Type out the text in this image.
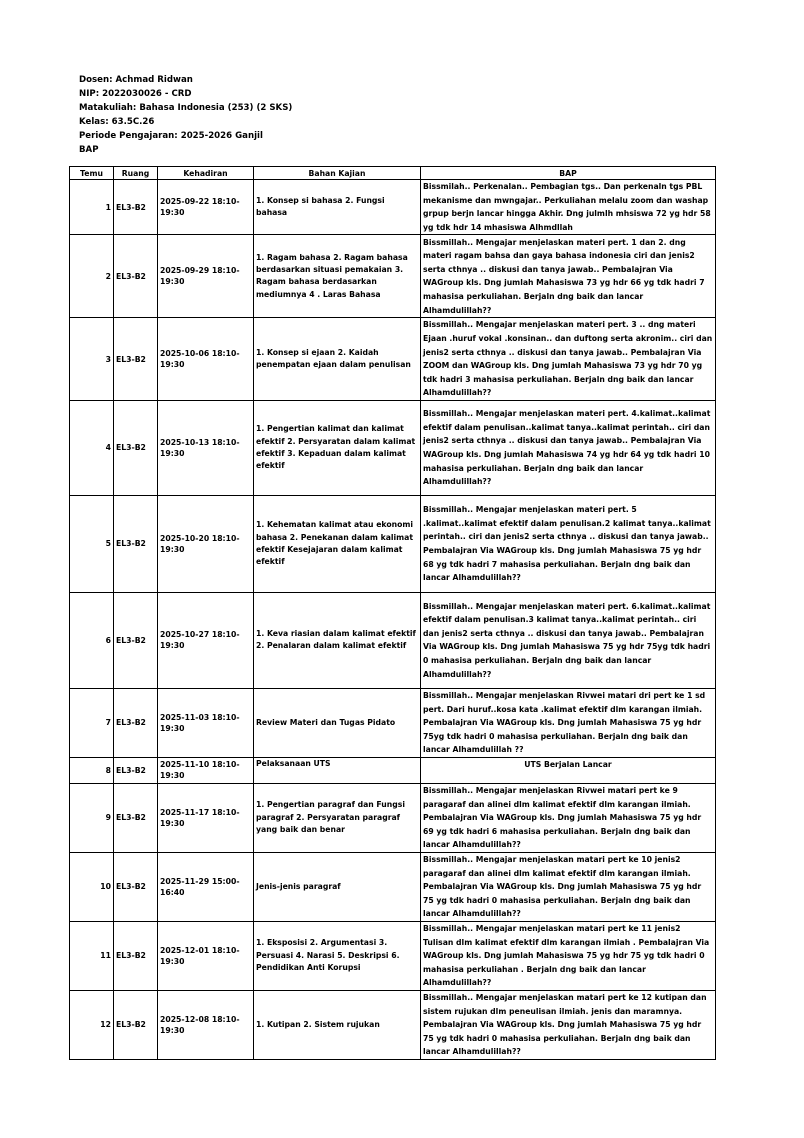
Dosen: Achmad Ridwan
NIP: 2022030026 - CRD
Matakuliah: Bahasa Indonesia (253) (2 SKS)
Kelas: 63.5C.26
Periode Pengajaran: 2025-2026 Ganjil
BAP
Temu	Ruang	Kehadiran	Bahan Kajian	BAP
1	EL3-B2	2025-09-22 18:10-19:30	1. Konsep si bahasa 2. Fungsi bahasa	Bissmilah.. Perkenalan.. Pembagian tgs.. Dan perkenaln tgs PBL mekanisme dan mwngajar.. Perkuliahan melalu zoom dan washap grpup berjn lancar hingga Akhir. Dng julmlh mhsiswa 72 yg hdr 58 yg tdk hdr 14 mhasiswa Alhmdllah
2	EL3-B2	2025-09-29 18:10-19:30	1. Ragam bahasa 2. Ragam bahasa berdasarkan situasi pemakaian 3. Ragam bahasa berdasarkan mediumnya 4 . Laras Bahasa	Bissmillah.. Mengajar menjelaskan materi pert. 1 dan 2. dng materi ragam bahsa dan gaya bahasa indonesia ciri dan jenis2 serta cthnya .. diskusi dan tanya jawab.. Pembalajran Via WAGroup kls. Dng jumlah Mahasiswa 73 yg hdr 66 yg tdk hadri 7 mahasisa perkuliahan. Berjaln dng baik dan lancar Alhamdulillah??
3	EL3-B2	2025-10-06 18:10-19:30	1. Konsep si ejaan 2. Kaidah penempatan ejaan dalam penulisan	Bissmillah.. Mengajar menjelaskan materi pert. 3 .. dng materi Ejaan .huruf vokal .konsinan.. dan duftong serta akronim.. ciri dan jenis2 serta cthnya .. diskusi dan tanya jawab.. Pembalajran Via ZOOM dan WAGroup kls. Dng jumlah Mahasiswa 73 yg hdr 70 yg tdk hadri 3 mahasisa perkuliahan. Berjaln dng baik dan lancar Alhamdulillah??
4	EL3-B2	2025-10-13 18:10-19:30	1. Pengertian kalimat dan kalimat efektif 2. Persyaratan dalam kalimat efektif 3. Kepaduan dalam kalimat efektif	Bissmillah.. Mengajar menjelaskan materi pert. 4.kalimat..kalimat efektif dalam penulisan..kalimat tanya..kalimat perintah.. ciri dan jenis2 serta cthnya .. diskusi dan tanya jawab.. Pembalajran Via WAGroup kls. Dng jumlah Mahasiswa 74 yg hdr 64 yg tdk hadri 10 mahasisa perkuliahan. Berjaln dng baik dan lancar Alhamdulillah??
5	EL3-B2	2025-10-20 18:10-19:30	1. Kehematan kalimat atau ekonomi bahasa 2. Penekanan dalam kalimat efektif Kesejajaran dalam kalimat efektif	Bissmillah.. Mengajar menjelaskan materi pert. 5 .kalimat..kalimat efektif dalam penulisan.2 kalimat tanya..kalimat perintah.. ciri dan jenis2 serta cthnya .. diskusi dan tanya jawab.. Pembalajran Via WAGroup kls. Dng jumlah Mahasiswa 75 yg hdr 68 yg tdk hadri 7 mahasisa perkuliahan. Berjaln dng baik dan lancar Alhamdulillah??
6	EL3-B2	2025-10-27 18:10-19:30	1. Keva riasian dalam kalimat efektif 2. Penalaran dalam kalimat efektif	Bissmillah.. Mengajar menjelaskan materi pert. 6.kalimat..kalimat efektif dalam penulisan.3 kalimat tanya..kalimat perintah.. ciri dan jenis2 serta cthnya .. diskusi dan tanya jawab.. Pembalajran Via WAGroup kls. Dng jumlah Mahasiswa 75 yg hdr 75yg tdk hadri 0 mahasisa perkuliahan. Berjaln dng baik dan lancar Alhamdulillah??
7	EL3-B2	2025-11-03 18:10-19:30	Review Materi dan Tugas Pidato	Bissmillah.. Mengajar menjelaskan Rivwei matari dri pert ke 1 sd pert. Dari huruf..kosa kata .kalimat efektif dlm karangan ilmiah. Pembalajran Via WAGroup kls. Dng jumlah Mahasiswa 75 yg hdr 75yg tdk hadri 0 mahasisa perkuliahan. Berjaln dng baik dan lancar Alhamdulillah ??
8	EL3-B2	2025-11-10 18:10-19:30	Pelaksanaan UTS	UTS Berjalan Lancar
9	EL3-B2	2025-11-17 18:10-19:30	1. Pengertian paragraf dan Fungsi paragraf 2. Persyaratan paragraf yang baik dan benar	Bissmillah.. Mengajar menjelaskan Rivwei matari pert ke 9 paragaraf dan alinei dlm kalimat efektif dlm karangan ilmiah. Pembalajran Via WAGroup kls. Dng jumlah Mahasiswa 75 yg hdr 69 yg tdk hadri 6 mahasisa perkuliahan. Berjaln dng baik dan lancar Alhamdulillah??
10	EL3-B2	2025-11-29 15:00-16:40	Jenis-jenis paragraf	Bissmillah.. Mengajar menjelaskan matari pert ke 10 jenis2 paragaraf dan alinei dlm kalimat efektif dlm karangan ilmiah. Pembalajran Via WAGroup kls. Dng jumlah Mahasiswa 75 yg hdr 75 yg tdk hadri 0 mahasisa perkuliahan. Berjaln dng baik dan lancar Alhamdulillah??
11	EL3-B2	2025-12-01 18:10-19:30	1. Eksposisi 2. Argumentasi 3. Persuasi 4. Narasi 5. Deskripsi 6. Pendidikan Anti Korupsi	Bissmillah.. Mengajar menjelaskan matari pert ke 11 jenis2 Tulisan dlm kalimat efektif dlm karangan ilmiah . Pembalajran Via WAGroup kls. Dng jumlah Mahasiswa 75 yg hdr 75 yg tdk hadri 0 mahasisa perkuliahan . Berjaln dng baik dan lancar Alhamdulillah??
12	EL3-B2	2025-12-08 18:10-19:30	1. Kutipan 2. Sistem rujukan	Bissmillah.. Mengajar menjelaskan matari pert ke 12 kutipan dan sistem rujukan dlm peneulisan ilmiah. jenis dan maramnya. Pembalajran Via WAGroup kls. Dng jumlah Mahasiswa 75 yg hdr 75 yg tdk hadri 0 mahasisa perkuliahan. Berjaln dng baik dan lancar Alhamdulillah??
